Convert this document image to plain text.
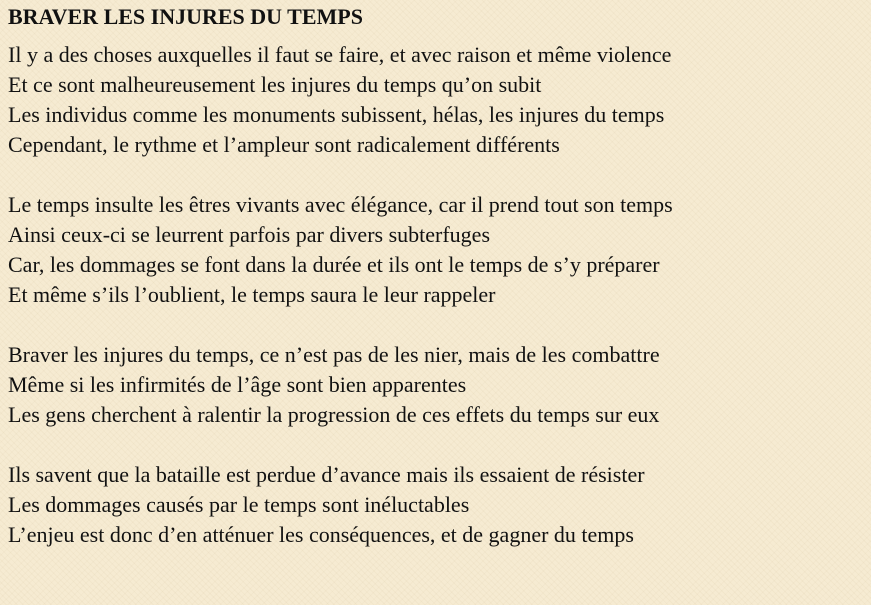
BRAVER LES INJURES DU TEMPS
Il y a des choses auxquelles il faut se faire, et avec raison et même violence
Et ce sont malheureusement les injures du temps qu’on subit
Les individus comme les monuments subissent, hélas, les injures du temps
Cependant, le rythme et l’ampleur sont radicalement différents
Le temps insulte les êtres vivants avec élégance, car il prend tout son temps
Ainsi ceux-ci se leurrent parfois par divers subterfuges
Car, les dommages se font dans la durée et ils ont le temps de s’y préparer
Et même s’ils l’oublient, le temps saura le leur rappeler
Braver les injures du temps, ce n’est pas de les nier, mais de les combattre
Même si les infirmités de l’âge sont bien apparentes
Les gens cherchent à ralentir la progression de ces effets du temps sur eux
Ils savent que la bataille est perdue d’avance mais ils essaient de résister
Les dommages causés par le temps sont inéluctables
L’enjeu est donc d’en atténuer les conséquences, et de gagner du temps
